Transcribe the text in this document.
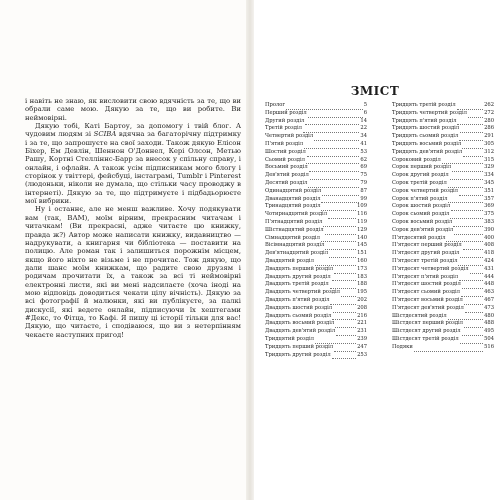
і навіть не знаю, як висловити свою вдячність за те, що ви обрали саме мою. Дякую за те, що ви робите. Ви неймовірні.

Дякую тобі, Каті Бартоу, за допомогу і твій блог. А чудовим людям зі SCIBA вдячна за багаторічну підтримку і за те, що запрошуєте на свої заходи. Також дякую Елісон Біхер, Ем Девлін, Шеннон О'Доннел, Кері Олсон, Метью Рашу, Кортні Стелліннс-Барр за внесок у спільну справу, і онлайн, і офлайн. А також усім підписникам мого блогу і сторінок у твіттері, фейсбуці, інстаграмі, Tumblr і Pinterest (людоньки, ніколи не думала, що стільки часу проводжу в інтернеті). Дякую за те, що підтримуєте і підбадьорюєте мої вибрики.

Ну і останнє, але не менш важливе. Хочу подякувати вам (так, ВАМ), моїм вірним, прекрасним читачам і читачкам! (Ви прекрасні, адже читаєте цю книжку, правда ж?) Автор може написати книжку, видавництво — надрукувати, а книгарня чи бібліотека — поставити на полицю. Але роман так і залишиться порожнім місцем, якщо його ніхто не візьме і не прочитає. Тож дякую, що дали шанс моїм книжкам, що радите свою друзям і родичам прочитати їх, а також за всі ті неймовірні електронні листи, які ви мені надсилаєте (хоча іноді на мою відповідь доводиться чекати цілу вічність). Дякую за всі фотографії й малюнки, які ви публікуєте, за палкі дискусії, які ведете онлайн, підписуючи їх хештегами #Декс, то Фітца, то Кафі. Я пишу ці історії тільки для вас! Дякую, що читаєте, і сподіваюся, що ви з нетерпінням чекаєте наступних пригод!

ЗМІСТ
Пролог	5
Перший розділ	6
Другий розділ	14
Третій розділ	22
Четвертий розділ	34
П'ятий розділ	41
Шостий розділ	53
Сьомий розділ	62
Восьмий розділ	69
Дев'ятий розділ	75
Десятий розділ	79
Одинадцятий розділ	87
Дванадцятий розділ	99
Тринадцятий розділ	109
Чотирнадцятий розділ	116
П'ятнадцятий розділ	119
Шістнадцятий розділ	129
Сімнадцятий розділ	140
Вісімнадцятий розділ	145
Дев'ятнадцятий розділ	151
Двадцятий розділ	160
Двадцять перший розділ	173
Двадцять другий розділ	183
Двадцять третій розділ	188
Двадцять четвертий розділ	195
Двадцять п'ятий розділ	202
Двадцять шостий розділ	208
Двадцять сьомий розділ	216
Двадцять восьмий розділ	221
Двадцять дев'ятий розділ	231
Тридцятий розділ	239
Тридцять перший розділ	247
Тридцять другий розділ	253
Тридцять третій розділ	262
Тридцять четвертий розділ	272
Тридцять п'ятий розділ	280
Тридцять шостий розділ	286
Тридцять сьомий розділ	291
Тридцять восьмий розділ	305
Тридцять дев'ятий розділ	312
Сороковий розділ	315
Сорок перший розділ	329
Сорок другий розділ	334
Сорок третій розділ	345
Сорок четвертий розділ	351
Сорок п'ятий розділ	357
Сорок шостий розділ	369
Сорок сьомий розділ	375
Сорок восьмий розділ	383
Сорок дев'ятий розділ	390
П'ятдесятий розділ	400
П'ятдесят перший розділ	408
П'ятдесят другий розділ	418
П'ятдесят третій розділ	424
П'ятдесят четвертий розділ	431
П'ятдесят п'ятий розділ	444
П'ятдесят шостий розділ	448
П'ятдесят сьомий розділ	463
П'ятдесят восьмий розділ	467
П'ятдесят дев'ятий розділ	473
Шістдесятий розділ	480
Шістдесят перший розділ	488
Шістдесят другий розділ	495
Шістдесят третій розділ	504
Подяки	516
